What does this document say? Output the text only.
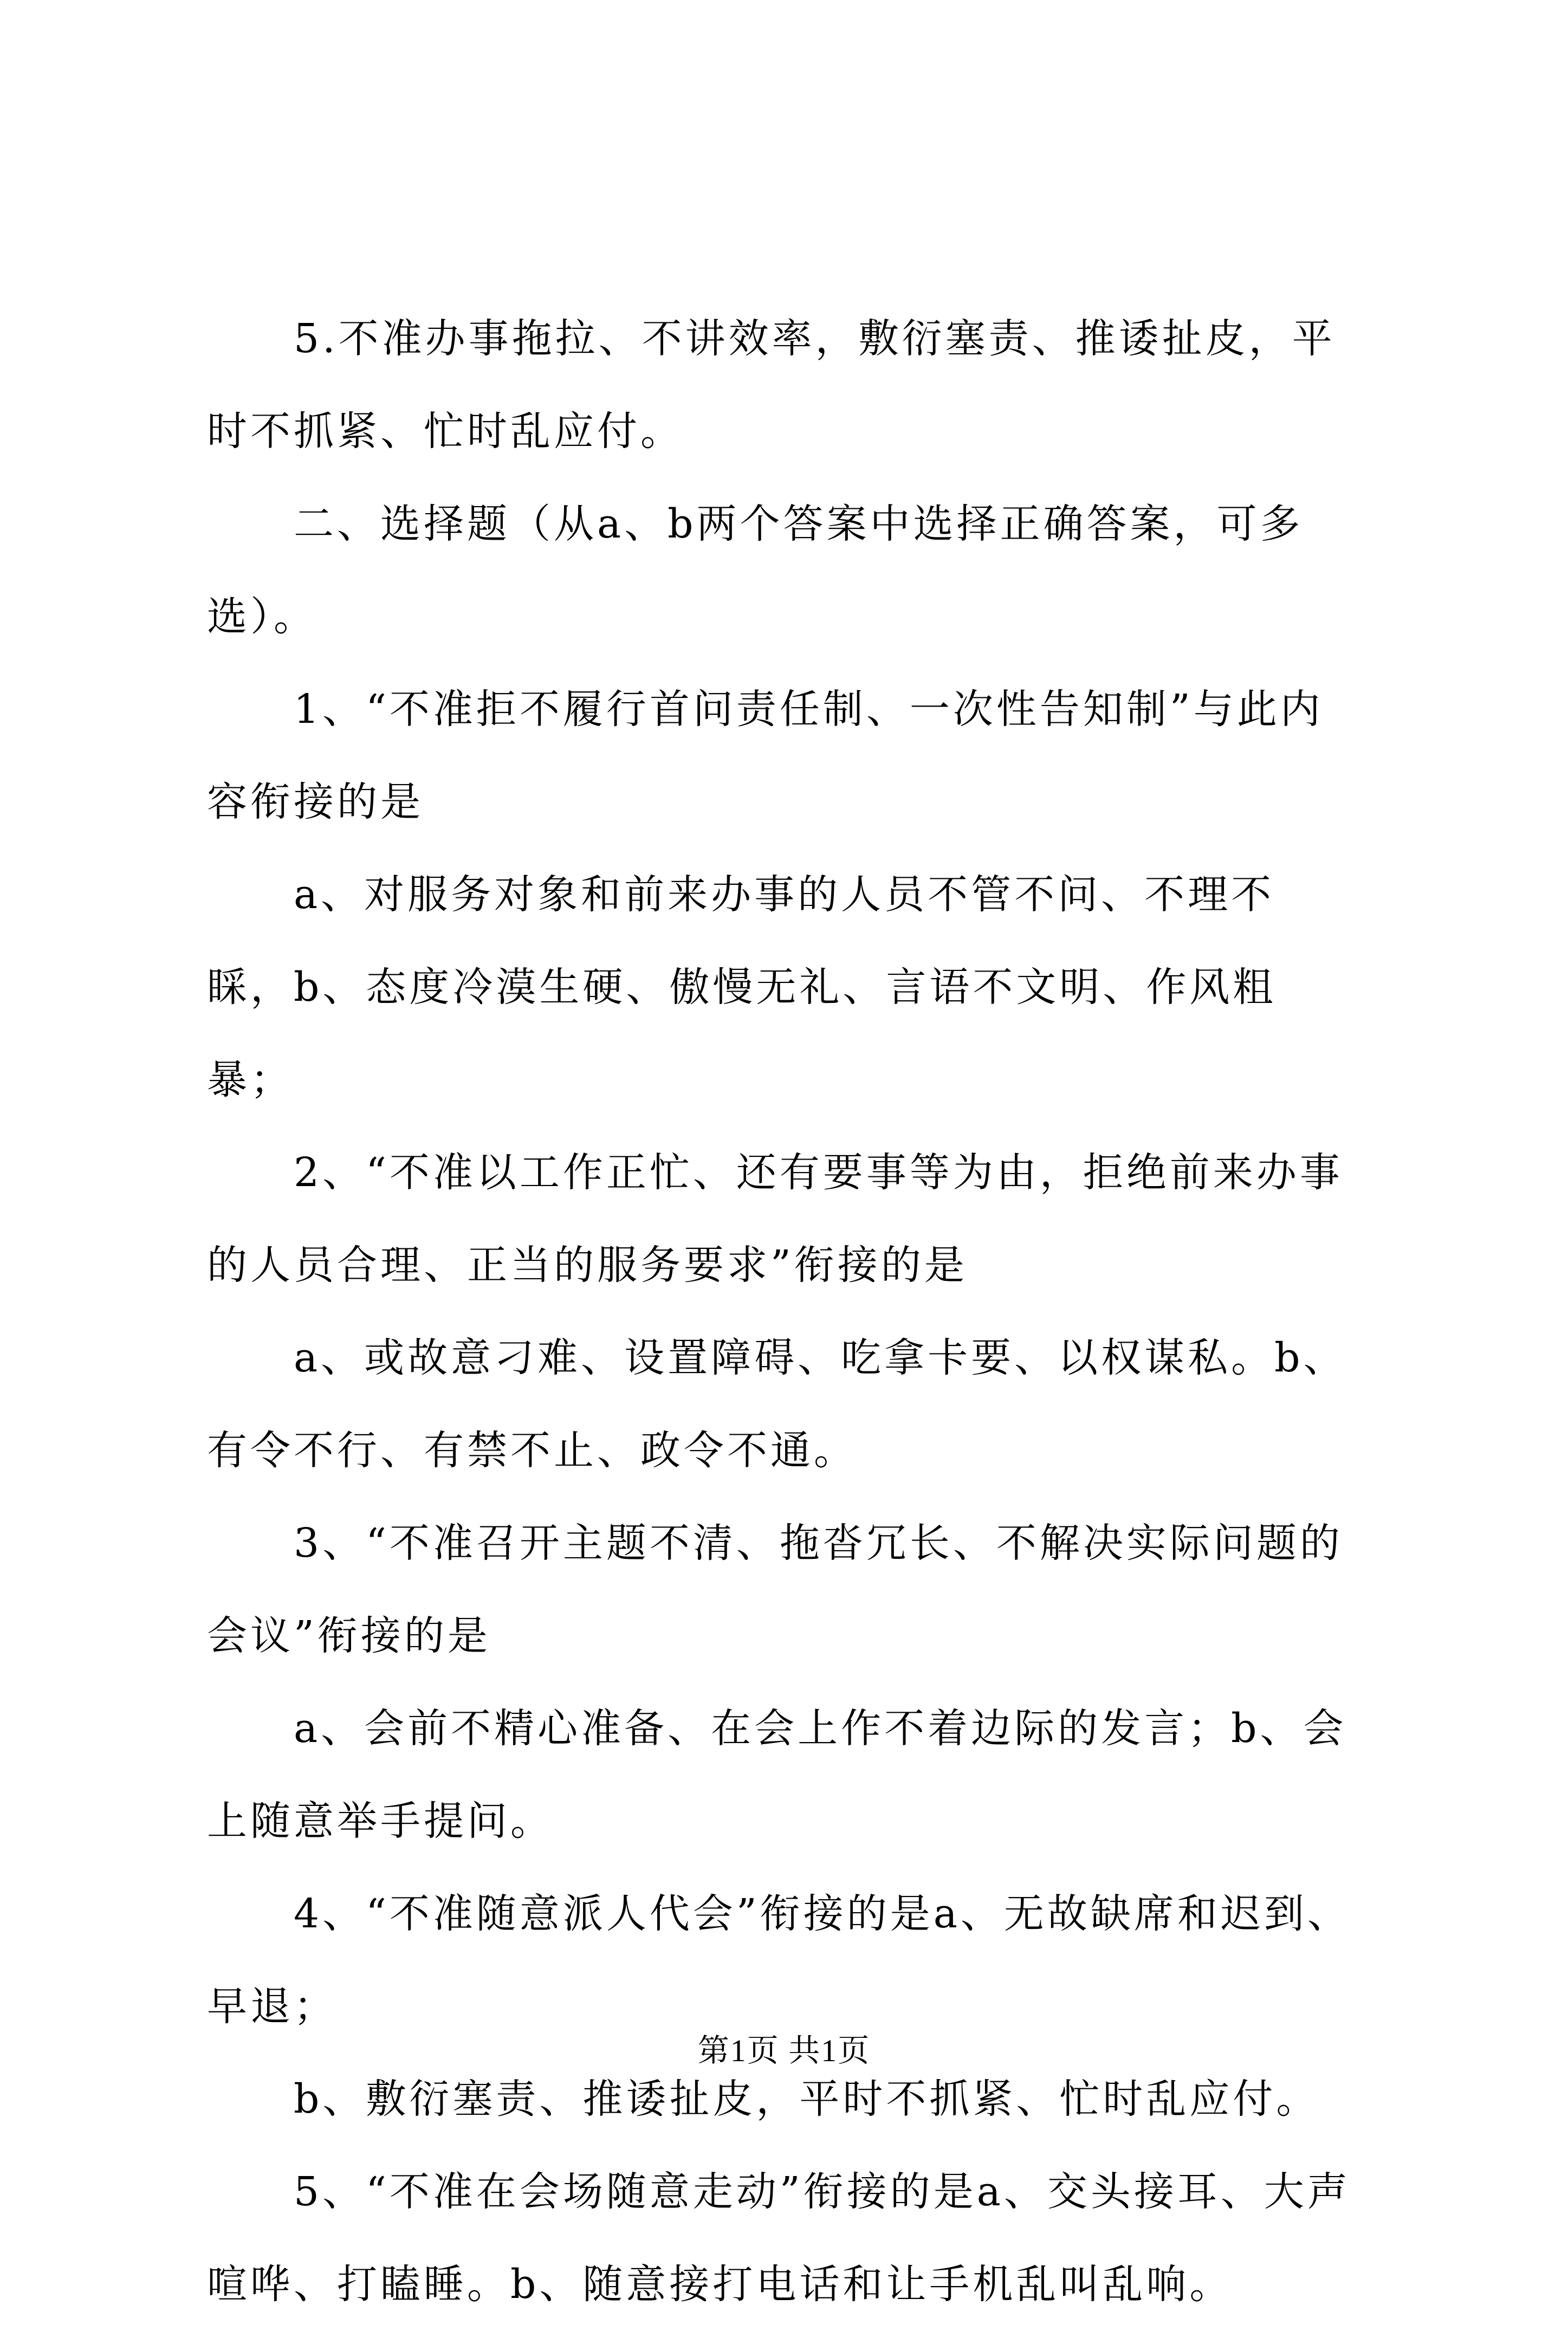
5.不准办事拖拉、不讲效率，敷衍塞责、推诿扯皮，平时不抓紧、忙时乱应付。

二、选择题（从a、b两个答案中选择正确答案，可多选）。

1、“不准拒不履行首问责任制、一次性告知制”与此内容衔接的是

a、对服务对象和前来办事的人员不管不问、不理不睬，b、态度冷漠生硬、傲慢无礼、言语不文明、作风粗暴；

2、“不准以工作正忙、还有要事等为由，拒绝前来办事的人员合理、正当的服务要求”衔接的是

a、或故意刁难、设置障碍、吃拿卡要、以权谋私。b、有令不行、有禁不止、政令不通。

3、“不准召开主题不清、拖沓冗长、不解决实际问题的会议”衔接的是

a、会前不精心准备、在会上作不着边际的发言；b、会上随意举手提问。

4、“不准随意派人代会”衔接的是a、无故缺席和迟到、早退；

b、敷衍塞责、推诿扯皮，平时不抓紧、忙时乱应付。

5、“不准在会场随意走动”衔接的是a、交头接耳、大声喧哗、打瞌睡。b、随意接打电话和让手机乱叫乱响。

第1页 共1页
